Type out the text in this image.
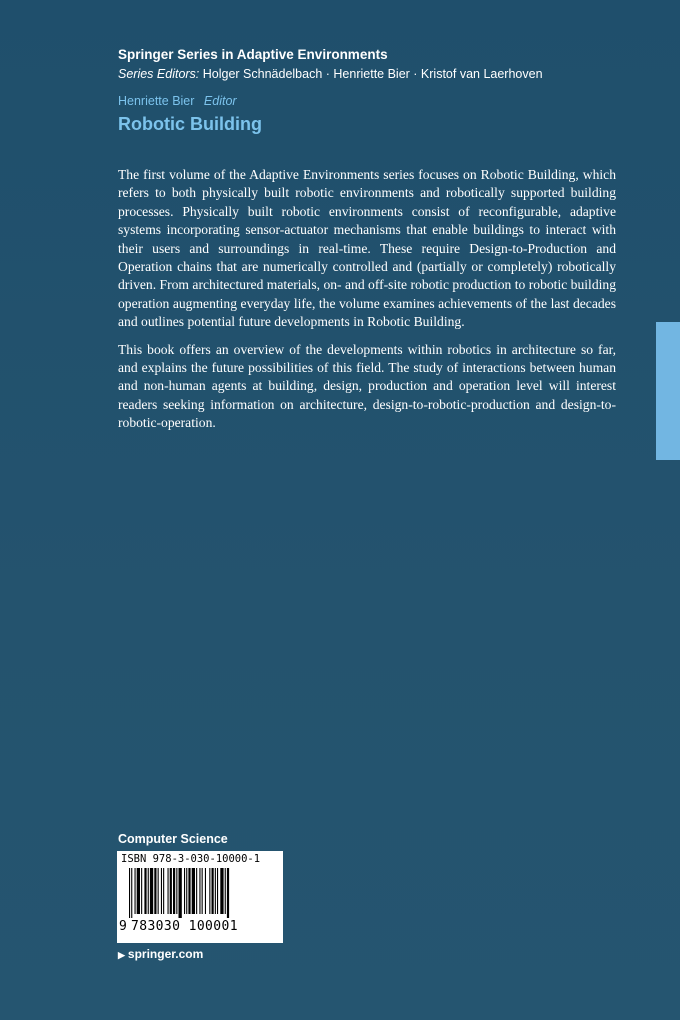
Springer Series in Adaptive Environments
Series Editors: Holger Schnädelbach · Henriette Bier · Kristof van Laerhoven
Henriette Bier Editor
Robotic Building

The first volume of the Adaptive Environments series focuses on Robotic Building, which refers to both physically built robotic environments and robotically supported building processes. Physically built robotic environments consist of reconfigurable, adaptive systems incorporating sensor-actuator mechanisms that enable buildings to interact with their users and surroundings in real-time. These require Design-to-Production and Operation chains that are numerically controlled and (partially or completely) robotically driven. From architectured materials, on- and off-site robotic production to robotic building operation augmenting everyday life, the volume examines achievements of the last decades and outlines potential future developments in Robotic Building.

This book offers an overview of the developments within robotics in architecture so far, and explains the future possibilities of this field. The study of interactions between human and non-human agents at building, design, production and operation level will interest readers seeking information on architecture, design-to-robotic-production and design-to-robotic-operation.

Computer Science
ISBN 978-3-030-10000-1
9 783030 100001
▶ springer.com
